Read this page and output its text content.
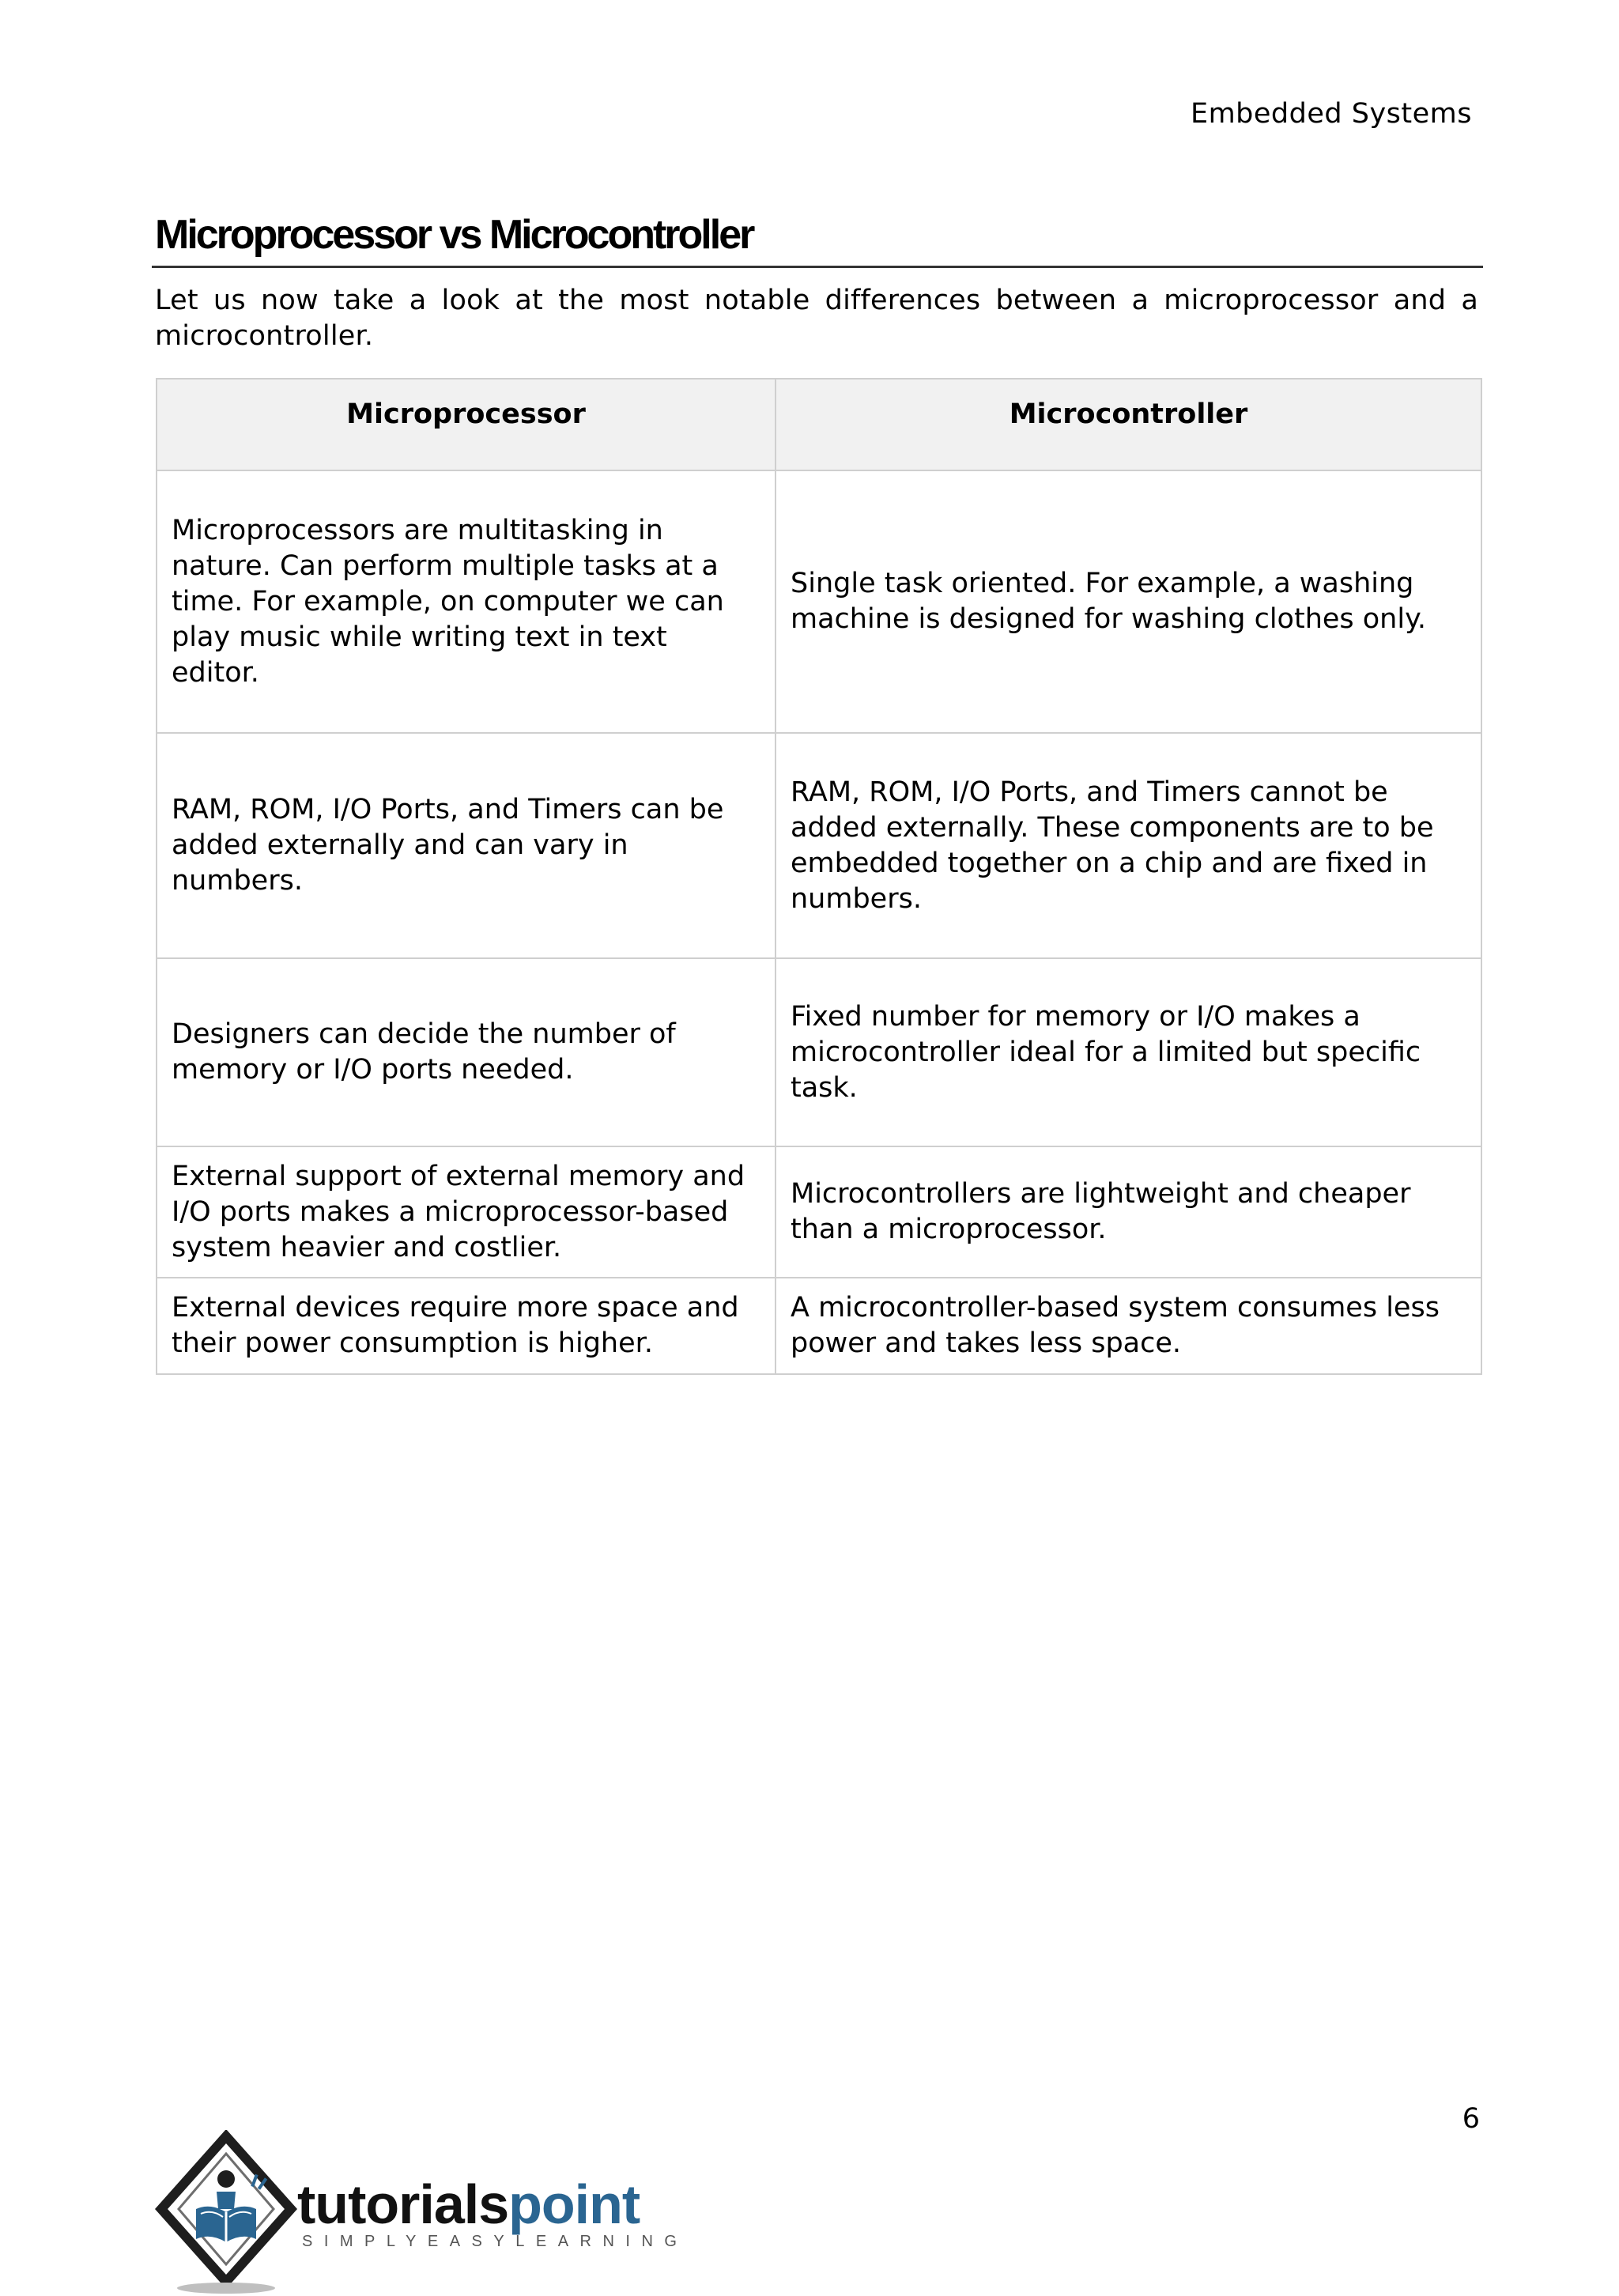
Embedded Systems
Microprocessor vs Microcontroller

Let us now take a look at the most notable differences between a microprocessor and a microcontroller.

Microprocessor	Microcontroller
Microprocessors are multitasking in nature. Can perform multiple tasks at a time. For example, on computer we can play music while writing text in text editor.	Single task oriented. For example, a washing machine is designed for washing clothes only.
RAM, ROM, I/O Ports, and Timers can be added externally and can vary in numbers.	RAM, ROM, I/O Ports, and Timers cannot be added externally. These components are to be embedded together on a chip and are fixed in numbers.
Designers can decide the number of memory or I/O ports needed.	Fixed number for memory or I/O makes a microcontroller ideal for a limited but specific task.
External support of external memory and I/O ports makes a microprocessor-based system heavier and costlier.	Microcontrollers are lightweight and cheaper than a microprocessor.
External devices require more space and their power consumption is higher.	A microcontroller-based system consumes less power and takes less space.
6
tutorialspoint
SIMPLYEASYLEARNING
